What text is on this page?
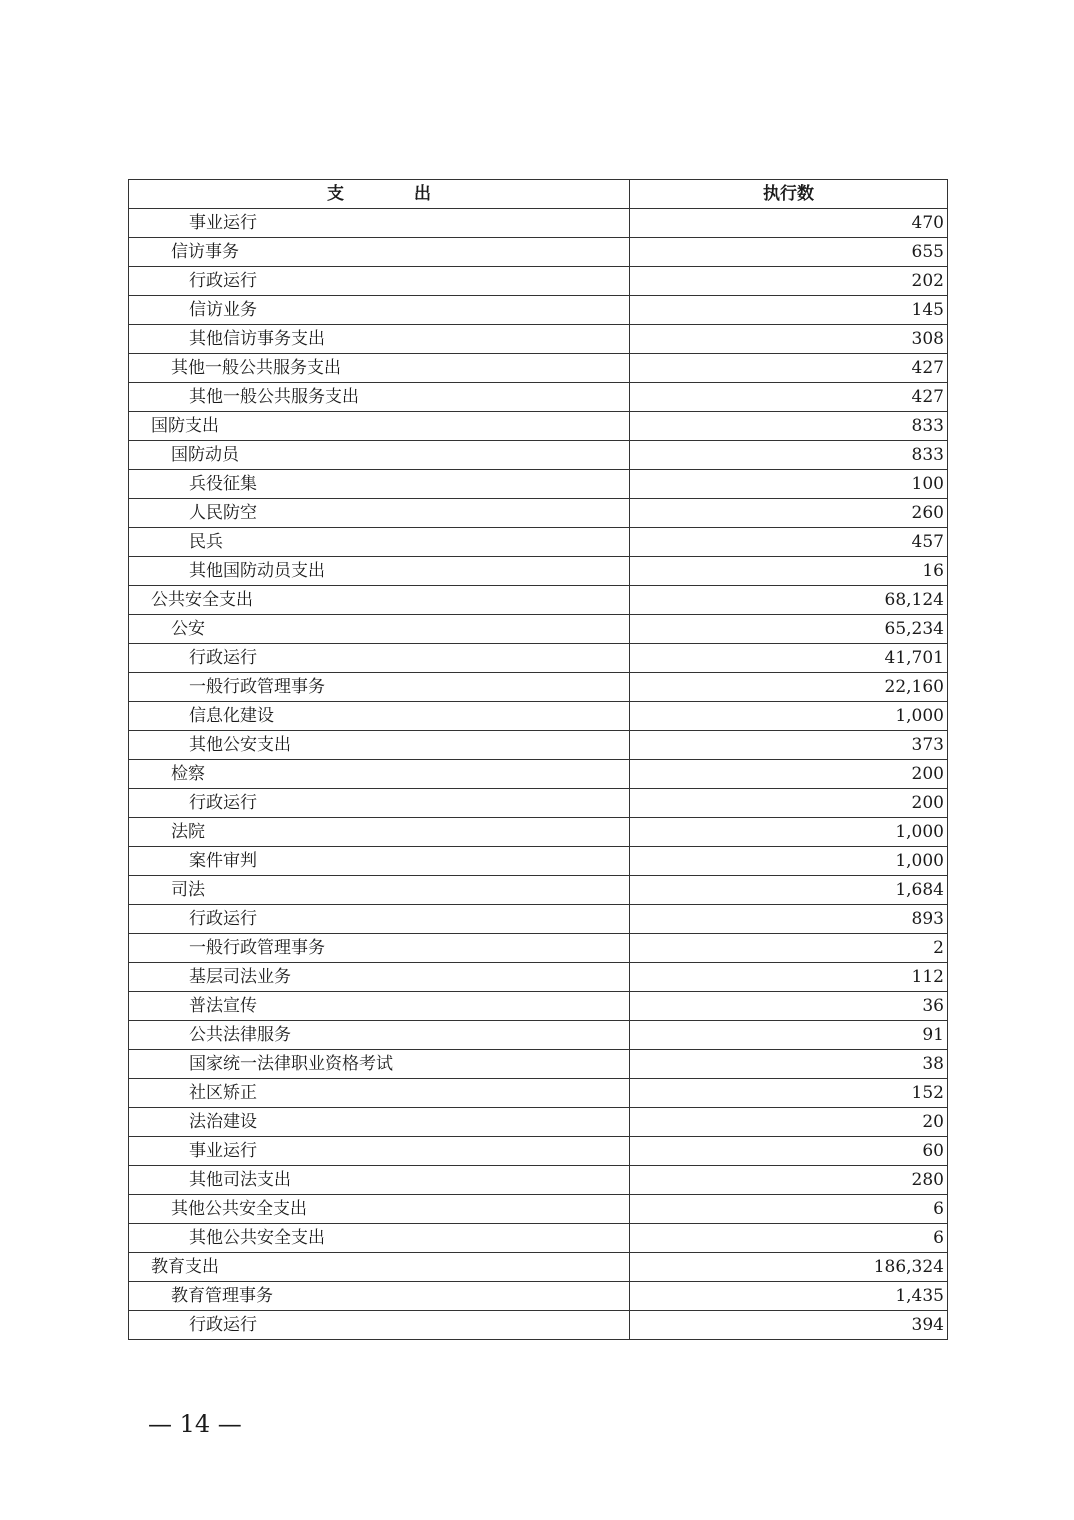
支 出	执行数
事业运行	470
信访事务	655
行政运行	202
信访业务	145
其他信访事务支出	308
其他一般公共服务支出	427
其他一般公共服务支出	427
国防支出	833
国防动员	833
兵役征集	100
人民防空	260
民兵	457
其他国防动员支出	16
公共安全支出	68,124
公安	65,234
行政运行	41,701
一般行政管理事务	22,160
信息化建设	1,000
其他公安支出	373
检察	200
行政运行	200
法院	1,000
案件审判	1,000
司法	1,684
行政运行	893
一般行政管理事务	2
基层司法业务	112
普法宣传	36
公共法律服务	91
国家统一法律职业资格考试	38
社区矫正	152
法治建设	20
事业运行	60
其他司法支出	280
其他公共安全支出	6
其他公共安全支出	6
教育支出	186,324
教育管理事务	1,435
行政运行	394
— 14 —
